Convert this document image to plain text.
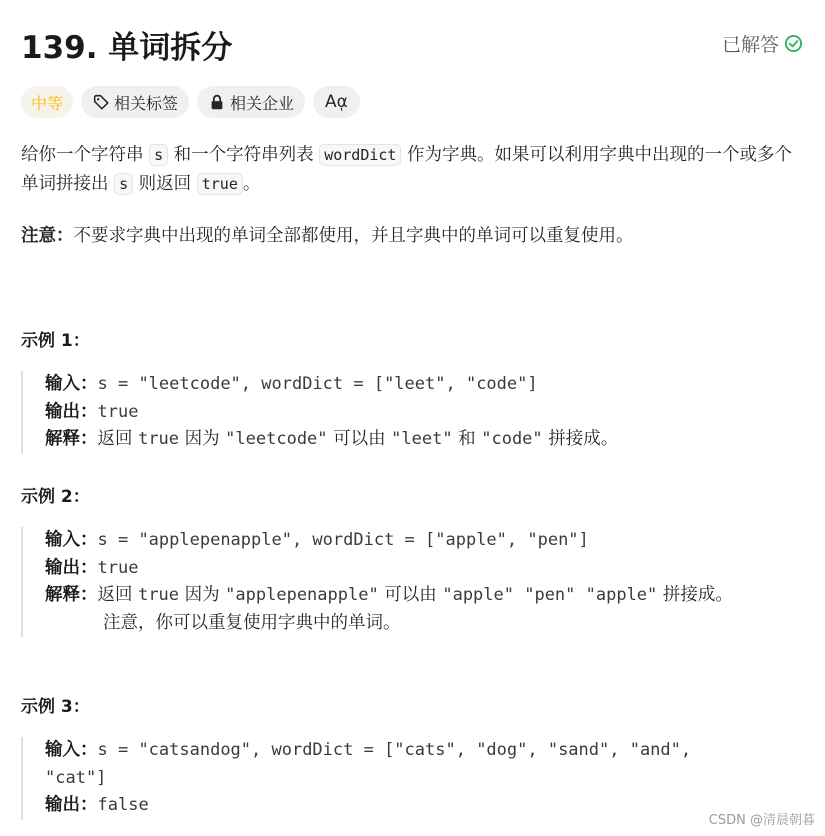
139. 单词拆分	已解答
中等	相关标签	相关企业 Aᾳ
给你一个字符串 s 和一个字符串列表 wordDict 作为字典。如果可以利用字典中出现的一个或多个单词拼接出 s 则返回 true 。
注意：不要求字典中出现的单词全部都使用，并且字典中的单词可以重复使用。
示例 1：
输入：s = "leetcode", wordDict = ["leet", "code"]
输出：true
解释：返回 true 因为 "leetcode" 可以由 "leet" 和 "code" 拼接成。
示例 2：
输入：s = "applepenapple", wordDict = ["apple", "pen"]
输出：true
解释：返回 true 因为 "applepenapple" 可以由 "apple" "pen" "apple" 拼接成。
注意，你可以重复使用字典中的单词。
示例 3：
输入：s = "catsandog", wordDict = ["cats", "dog", "sand", "and",
"cat"]
输出：false
CSDN @清晨朝暮
